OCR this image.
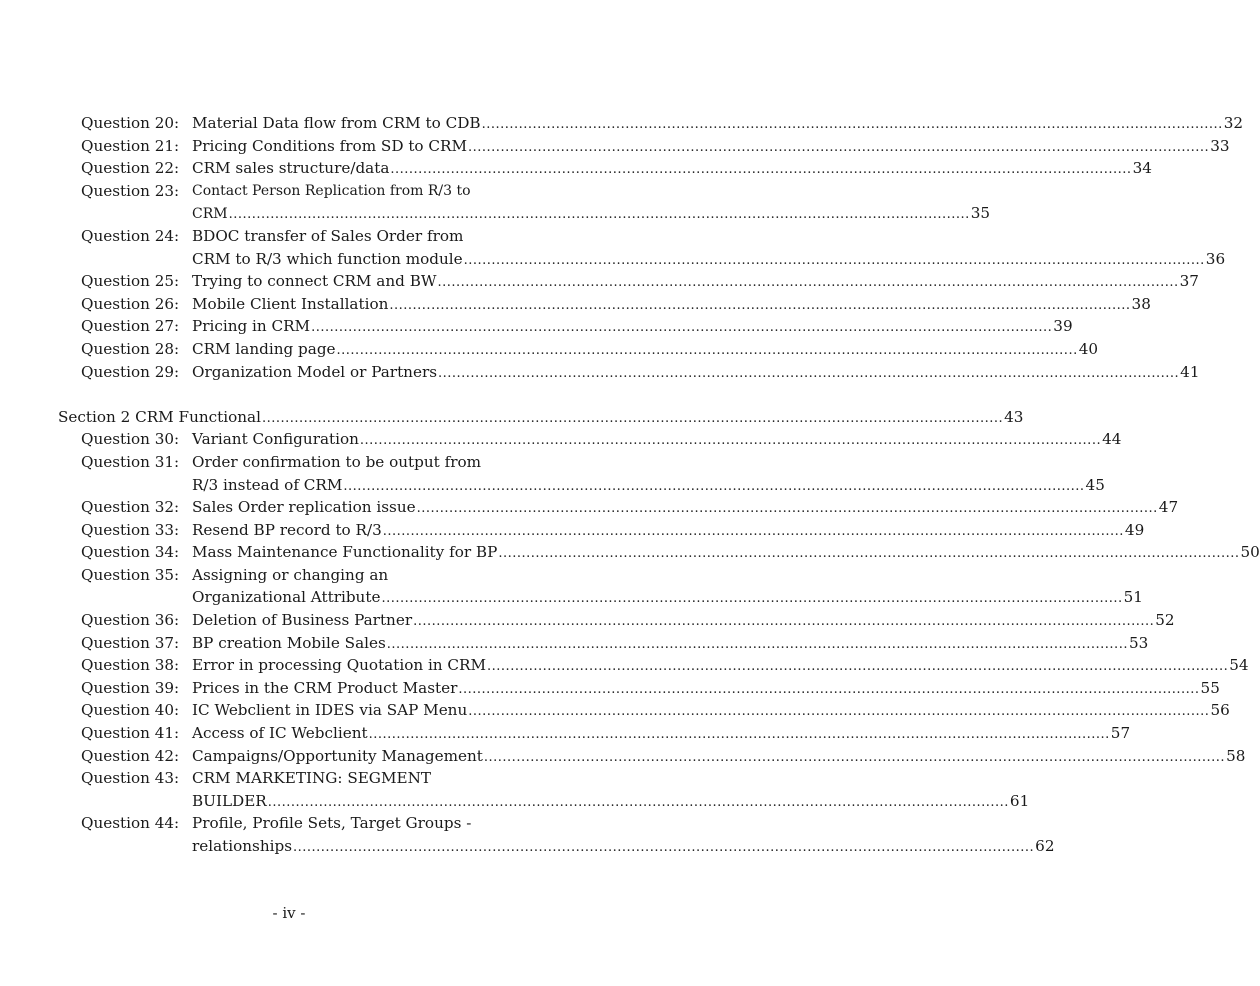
Question 20: Material Data flow from CRM to CDB ................................................................................................................................................................ 32
Question 21: Pricing Conditions from SD to CRM ................................................................................................................................................................ 33
Question 22: CRM sales structure/data ................................................................................................................................................................ 34
Question 23: Contact Person Replication from R/3 to
CRM ................................................................................................................................................................ 35
Question 24: BDOC transfer of Sales Order from
CRM to R/3 which function module ................................................................................................................................................................ 36
Question 25: Trying to connect CRM and BW ................................................................................................................................................................ 37
Question 26: Mobile Client Installation ................................................................................................................................................................ 38
Question 27: Pricing in CRM ................................................................................................................................................................ 39
Question 28: CRM landing page ................................................................................................................................................................ 40
Question 29: Organization Model or Partners ................................................................................................................................................................ 41
Section 2 CRM Functional ................................................................................................................................................................ 43
Question 30: Variant Configuration ................................................................................................................................................................ 44
Question 31: Order confirmation to be output from
R/3 instead of CRM ................................................................................................................................................................ 45
Question 32: Sales Order replication issue ................................................................................................................................................................ 47
Question 33: Resend BP record to R/3 ................................................................................................................................................................ 49
Question 34: Mass Maintenance Functionality for BP ................................................................................................................................................................ 50
Question 35: Assigning or changing an
Organizational Attribute ................................................................................................................................................................ 51
Question 36: Deletion of Business Partner ................................................................................................................................................................ 52
Question 37: BP creation Mobile Sales ................................................................................................................................................................ 53
Question 38: Error in processing Quotation in CRM ................................................................................................................................................................ 54
Question 39: Prices in the CRM Product Master ................................................................................................................................................................ 55
Question 40: IC Webclient in IDES via SAP Menu ................................................................................................................................................................ 56
Question 41: Access of IC Webclient ................................................................................................................................................................ 57
Question 42: Campaigns/Opportunity Management ................................................................................................................................................................ 58
Question 43: CRM MARKETING: SEGMENT
BUILDER ................................................................................................................................................................ 61
Question 44: Profile, Profile Sets, Target Groups -
relationships ................................................................................................................................................................ 62
- iv -
